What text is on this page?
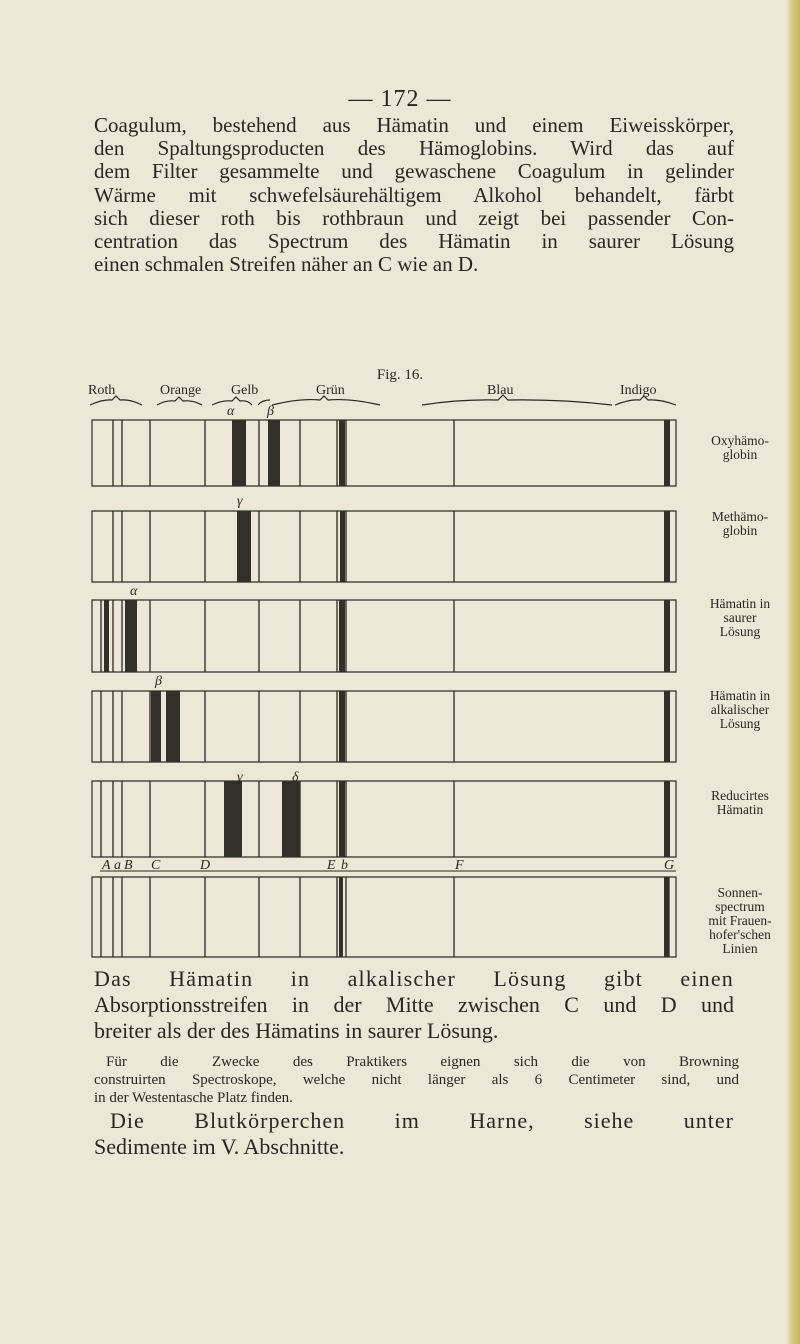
— 172 —
Coagulum, bestehend aus Hämatin und einem Eiweisskörper,
den Spaltungsproducten des Hämoglobins. Wird das auf
dem Filter gesammelte und gewaschene Coagulum in gelinder
Wärme mit schwefelsäurehältigem Alkohol behandelt, färbt
sich dieser roth bis rothbraun und zeigt bei passender Con-
centration das Spectrum des Hämatin in saurer Lösung
einen schmalen Streifen näher an C wie an D.
Fig. 16.
Roth	Orange Gelb	Grün	Blau	Indigo
α β
γ
α
β
γ	δ
A a B C	D	E b	F	G
Oxyhämo-
globin
Methämo-
globin
Hämatin in
saurer
Lösung
Hämatin in
alkalischer
Lösung
Reducirtes
Hämatin
Sonnen-
spectrum
mit Frauen-
hofer'schen
Linien
Das Hämatin in alkalischer Lösung gibt einen
Absorptionsstreifen in der Mitte zwischen C und D und
breiter als der des Hämatins in saurer Lösung.
Für die Zwecke des Praktikers eignen sich die von Browning
construirten Spectroskope, welche nicht länger als 6 Centimeter sind, und
in der Westentasche Platz finden.
Die Blutkörperchen im Harne, siehe unter
Sedimente im V. Abschnitte.
